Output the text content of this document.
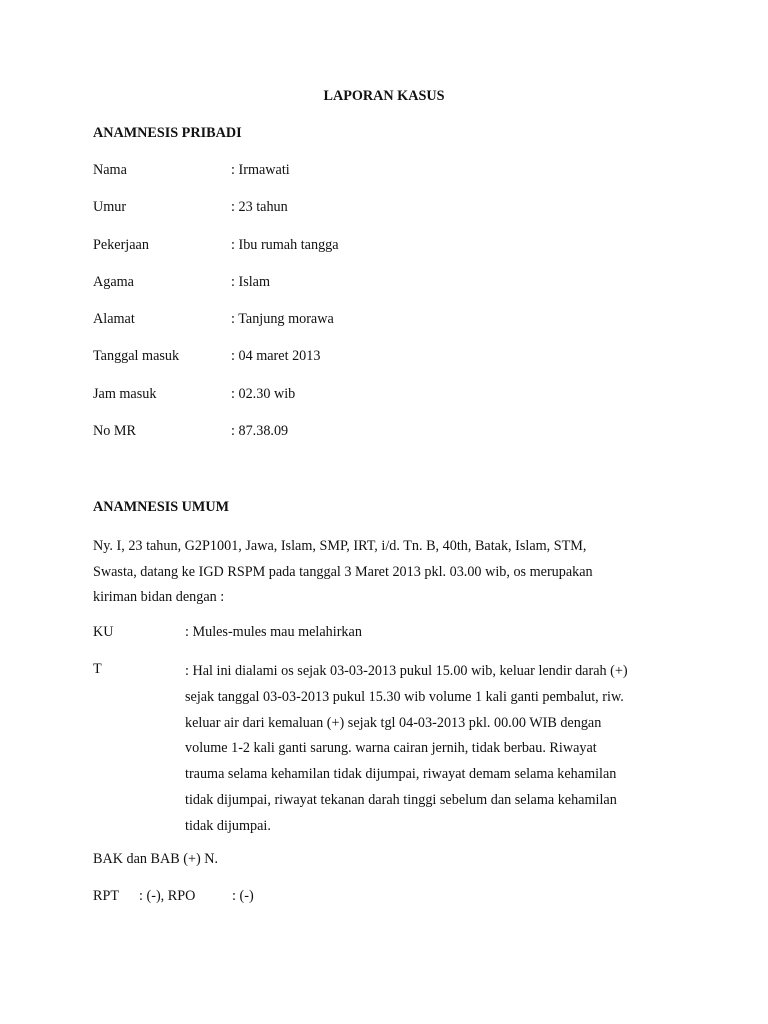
LAPORAN KASUS
ANAMNESIS PRIBADI
Nama	: Irmawati
Umur	: 23 tahun
Pekerjaan	: Ibu rumah tangga
Agama	: Islam
Alamat	: Tanjung morawa
Tanggal masuk	: 04 maret 2013
Jam masuk	: 02.30 wib
No MR	: 87.38.09
ANAMNESIS UMUM
Ny. I, 23 tahun, G2P1001, Jawa, Islam, SMP, IRT, i/d. Tn. B, 40th, Batak, Islam, STM,
Swasta, datang ke IGD RSPM pada tanggal 3 Maret 2013 pkl. 03.00 wib, os merupakan
kiriman bidan dengan :
KU	: Mules-mules mau melahirkan
T	: Hal ini dialami os sejak 03-03-2013 pukul 15.00 wib, keluar lendir darah (+)
sejak tanggal 03-03-2013 pukul 15.30 wib volume 1 kali ganti pembalut, riw.
keluar air dari kemaluan (+) sejak tgl 04-03-2013 pkl. 00.00 WIB dengan
volume 1-2 kali ganti sarung. warna cairan jernih, tidak berbau. Riwayat
trauma selama kehamilan tidak dijumpai, riwayat demam selama kehamilan
tidak dijumpai, riwayat tekanan darah tinggi sebelum dan selama kehamilan
tidak dijumpai.
BAK dan BAB (+) N.
RPT : (-), RPO	: (-)
